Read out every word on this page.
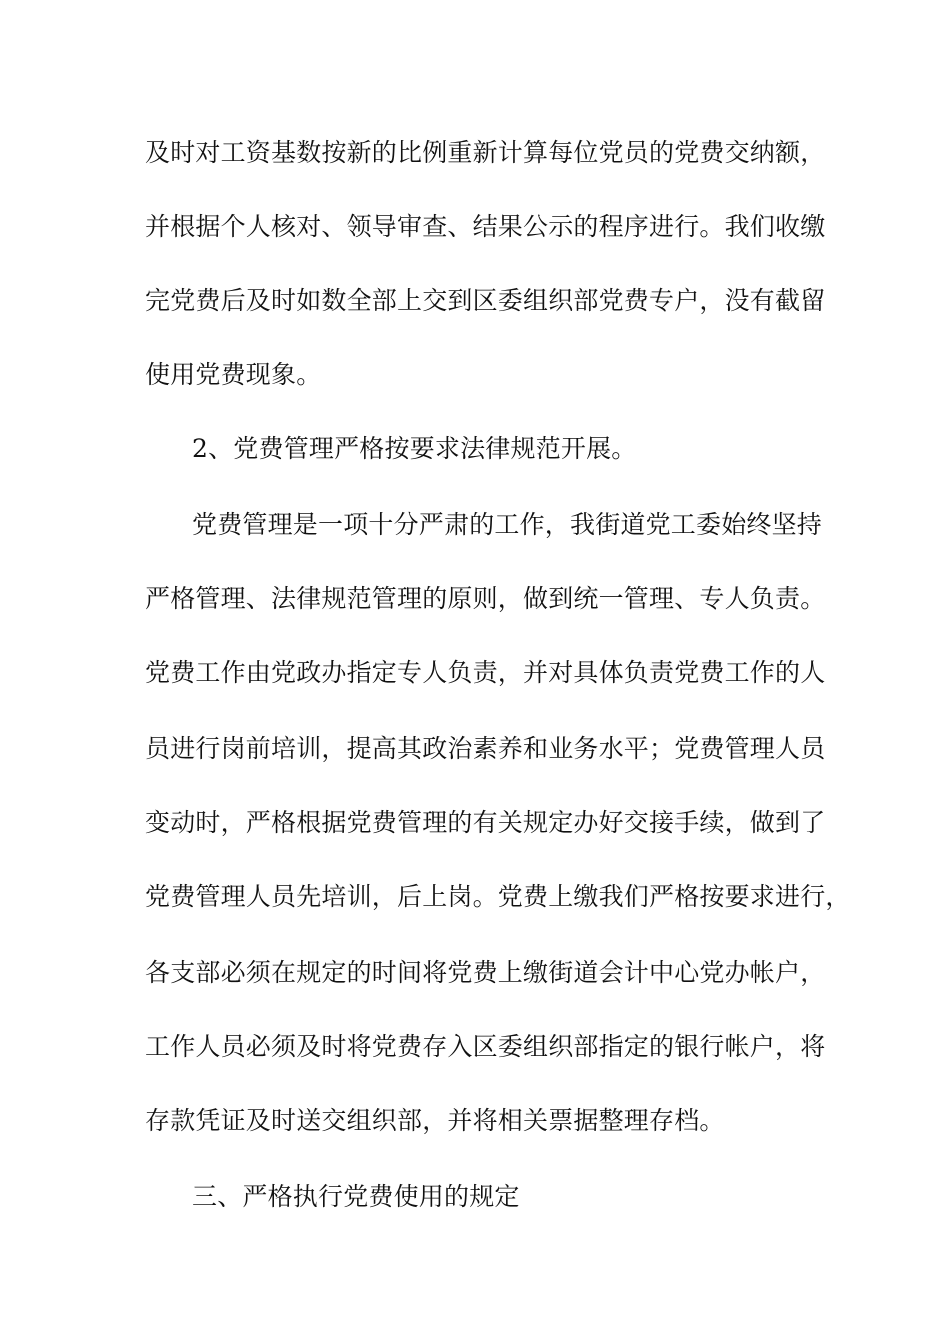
及时对工资基数按新的比例重新计算每位党员的党费交纳额，
并根据个人核对、领导审查、结果公示的程序进行。我们收缴
完党费后及时如数全部上交到区委组织部党费专户，没有截留
使用党费现象。
2、党费管理严格按要求法律规范开展。
党费管理是一项十分严肃的工作，我街道党工委始终坚持
严格管理、法律规范管理的原则，做到统一管理、专人负责。
党费工作由党政办指定专人负责，并对具体负责党费工作的人
员进行岗前培训，提高其政治素养和业务水平；党费管理人员
变动时，严格根据党费管理的有关规定办好交接手续，做到了
党费管理人员先培训，后上岗。党费上缴我们严格按要求进行，
各支部必须在规定的时间将党费上缴街道会计中心党办帐户，
工作人员必须及时将党费存入区委组织部指定的银行帐户，将
存款凭证及时送交组织部，并将相关票据整理存档。
三、严格执行党费使用的规定
